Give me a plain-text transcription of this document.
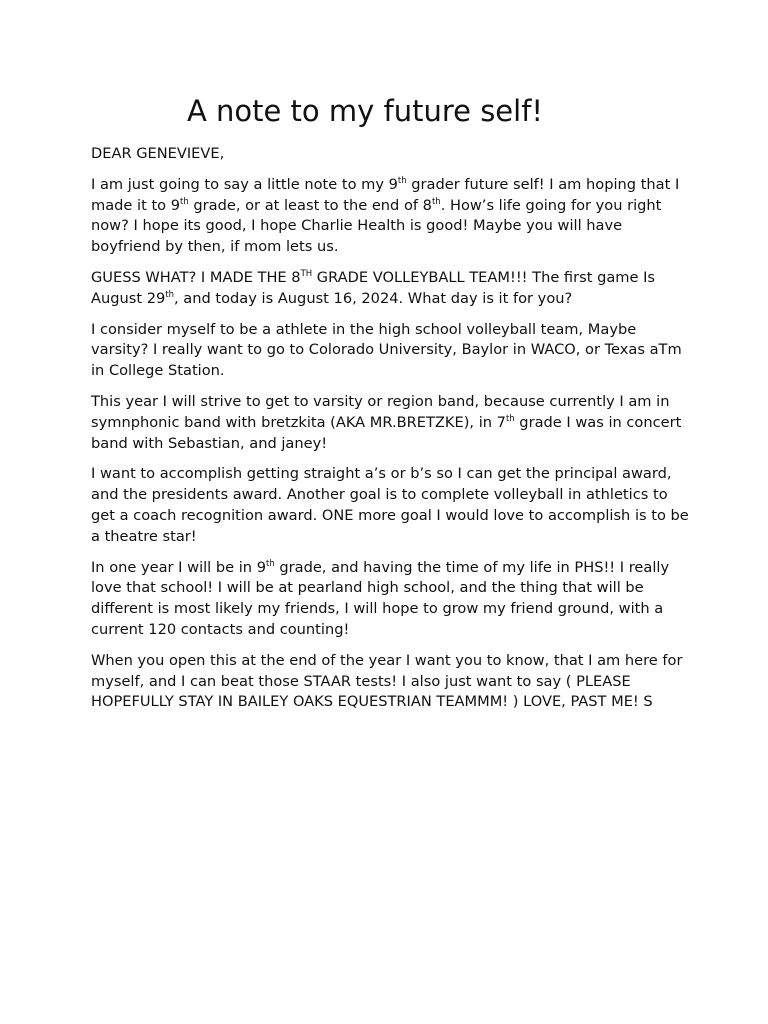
A note to my future self!

DEAR GENEVIEVE,

I am just going to say a little note to my 9th grader future self! I am hoping that I made it to 9th grade, or at least to the end of 8th. How’s life going for you right now? I hope its good, I hope Charlie Health is good! Maybe you will have boyfriend by then, if mom lets us.

GUESS WHAT? I MADE THE 8TH GRADE VOLLEYBALL TEAM!!! The first game Is August 29th, and today is August 16, 2024. What day is it for you?

I consider myself to be a athlete in the high school volleyball team, Maybe varsity? I really want to go to Colorado University, Baylor in WACO, or Texas aTm in College Station.

This year I will strive to get to varsity or region band, because currently I am in symnphonic band with bretzkita (AKA MR.BRETZKE), in 7th grade I was in concert band with Sebastian, and janey!

I want to accomplish getting straight a’s or b’s so I can get the principal award, and the presidents award. Another goal is to complete volleyball in athletics to get a coach recognition award. ONE more goal I would love to accomplish is to be a theatre star!

In one year I will be in 9th grade, and having the time of my life in PHS!! I really love that school! I will be at pearland high school, and the thing that will be different is most likely my friends, I will hope to grow my friend ground, with a current 120 contacts and counting!

When you open this at the end of the year I want you to know, that I am here for myself, and I can beat those STAAR tests! I also just want to say ( PLEASE HOPEFULLY STAY IN BAILEY OAKS EQUESTRIAN TEAMMM! ) LOVE, PAST ME! S
